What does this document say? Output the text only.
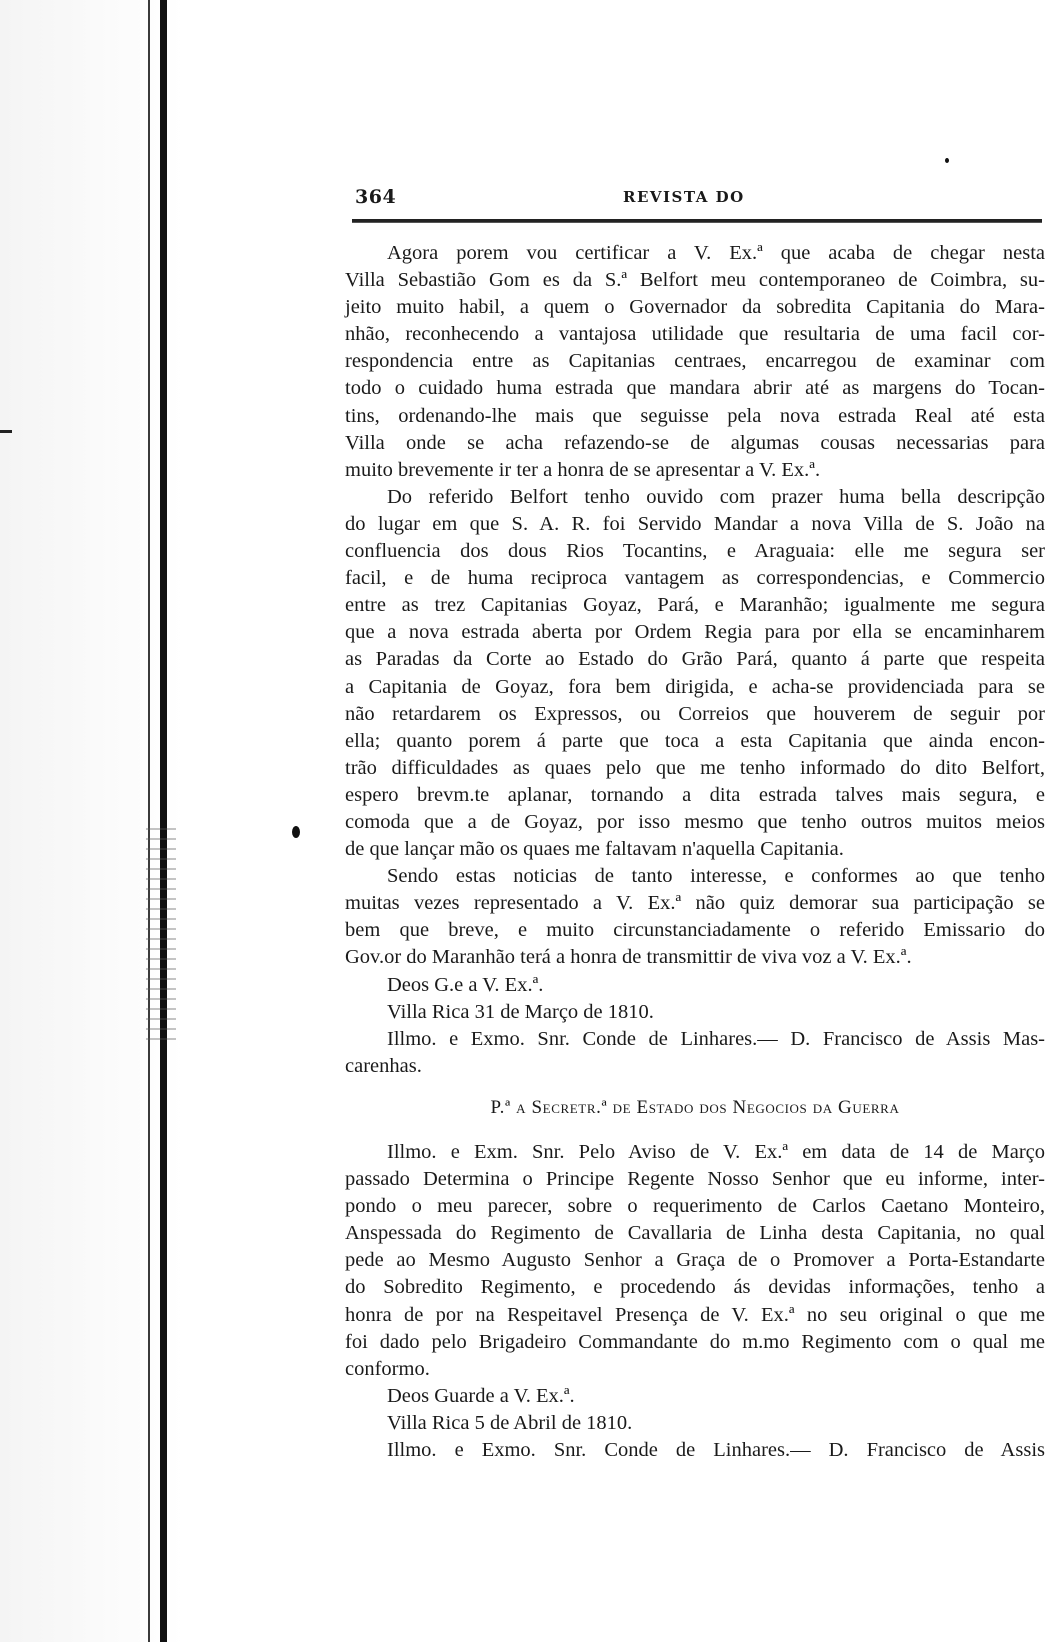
364	REVISTA DO
Agora porem vou certificar a V. Ex.ª que acaba de chegar nesta
Villa Sebastião Gom es da S.ª Belfort meu contemporaneo de Coimbra, su-
jeito muito habil, a quem o Governador da sobredita Capitania do Mara-
nhão, reconhecendo a vantajosa utilidade que resultaria de uma facil cor-
respondencia entre as Capitanias centraes, encarregou de examinar com
todo o cuidado huma estrada que mandara abrir até as margens do Tocan-
tins, ordenando-lhe mais que seguisse pela nova estrada Real até esta
Villa onde se acha refazendo-se de algumas cousas necessarias para
muito brevemente ir ter a honra de se apresentar a V. Ex.ª.
Do referido Belfort tenho ouvido com prazer huma bella descripção
do lugar em que S. A. R. foi Servido Mandar a nova Villa de S. João na
confluencia dos dous Rios Tocantins, e Araguaia: elle me segura ser
facil, e de huma reciproca vantagem as correspondencias, e Commercio
entre as trez Capitanias Goyaz, Pará, e Maranhão; igualmente me segura
que a nova estrada aberta por Ordem Regia para por ella se encaminharem
as Paradas da Corte ao Estado do Grão Pará, quanto á parte que respeita
a Capitania de Goyaz, fora bem dirigida, e acha-se providenciada para se
não retardarem os Expressos, ou Correios que houverem de seguir por
ella; quanto porem á parte que toca a esta Capitania que ainda encon-
trão difficuldades as quaes pelo que me tenho informado do dito Belfort,
espero brevm.te aplanar, tornando a dita estrada talves mais segura, e
comoda que a de Goyaz, por isso mesmo que tenho outros muitos meios
de que lançar mão os quaes me faltavam n'aquella Capitania.
Sendo estas noticias de tanto interesse, e conformes ao que tenho
muitas vezes representado a V. Ex.ª não quiz demorar sua participação se
bem que breve, e muito circunstanciadamente o referido Emissario do
Gov.or do Maranhão terá a honra de transmittir de viva voz a V. Ex.ª.
Deos G.e a V. Ex.ª.
Villa Rica 31 de Março de 1810.
Illmo. e Exmo. Snr. Conde de Linhares.— D. Francisco de Assis Mas-
carenhas.
P.ª a Secretr.ª de Estado dos Negocios da Guerra
Illmo. e Exm. Snr. Pelo Aviso de V. Ex.ª em data de 14 de Março
passado Determina o Principe Regente Nosso Senhor que eu informe, inter-
pondo o meu parecer, sobre o requerimento de Carlos Caetano Monteiro,
Anspessada do Regimento de Cavallaria de Linha desta Capitania, no qual
pede ao Mesmo Augusto Senhor a Graça de o Promover a Porta-Estandarte
do Sobredito Regimento, e procedendo ás devidas informações, tenho a
honra de por na Respeitavel Presença de V. Ex.ª no seu original o que me
foi dado pelo Brigadeiro Commandante do m.mo Regimento com o qual me
conformo.
Deos Guarde a V. Ex.ª.
Villa Rica 5 de Abril de 1810.
Illmo. e Exmo. Snr. Conde de Linhares.— D. Francisco de Assis
